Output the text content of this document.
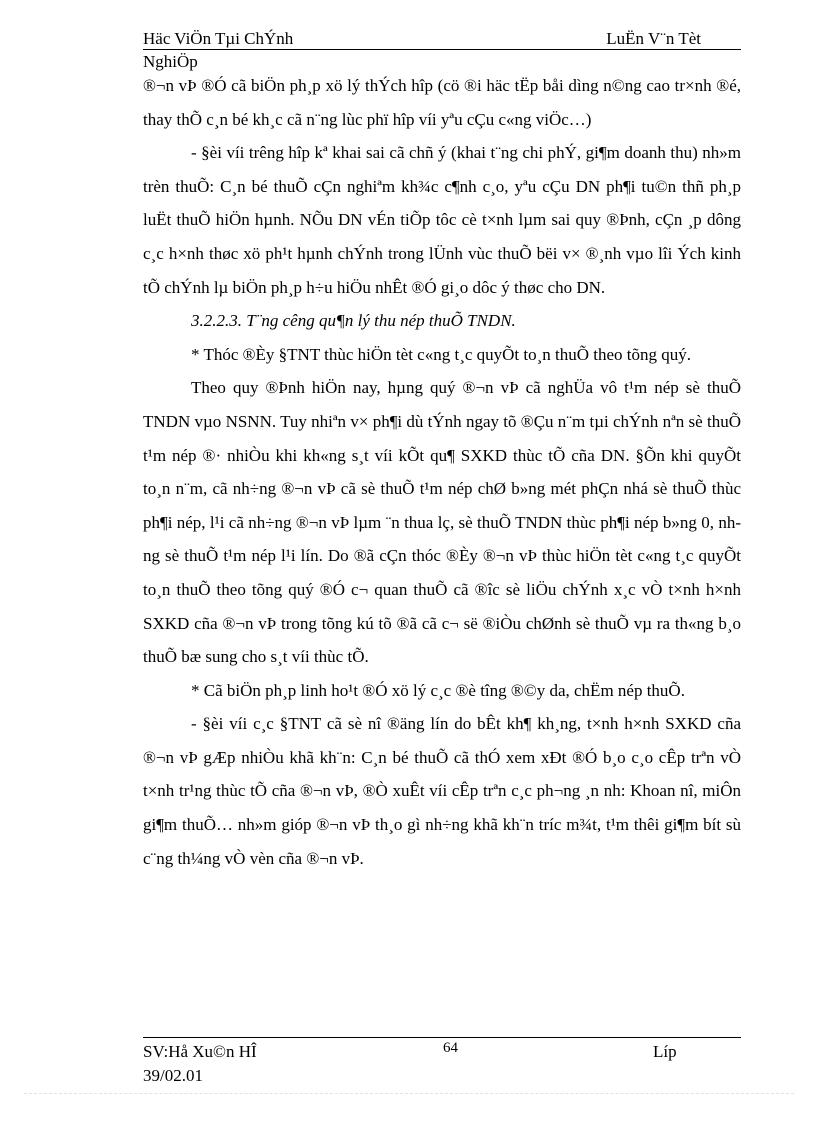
Häc ViÖn Tµi ChÝnh	LuËn V¨n Tèt
NghiÖp

®¬n vÞ ®Ó cã biÖn ph¸p xö lý thÝch hîp (cö ®i häc tËp båi dìng n©ng cao tr×nh ®é, thay thÕ c¸n bé kh¸c cã n¨ng lùc phï hîp víi yªu cÇu c«ng viÖc…)

- §èi víi trêng hîp kª khai sai cã chñ ý (khai t¨ng chi phÝ, gi¶m doanh thu) nh»m trèn thuÕ: C¸n bé thuÕ cÇn nghiªm kh¾c c¶nh c¸o, yªu cÇu DN ph¶i tu©n thñ ph¸p luËt thuÕ hiÖn hµnh. NÕu DN vÉn tiÕp tôc cè t×nh lµm sai quy ®Þnh, cÇn ¸p dông c¸c h×nh thøc xö ph¹t hµnh chÝnh trong lÜnh vùc thuÕ bëi v× ®¸nh vµo lîi Ých kinh tÕ chÝnh lµ biÖn ph¸p h÷u hiÖu nhÊt ®Ó gi¸o dôc ý thøc cho DN.

3.2.2.3. T¨ng cêng qu¶n lý thu nép thuÕ TNDN.

* Thóc ®Èy §TNT thùc hiÖn tèt c«ng t¸c quyÕt to¸n thuÕ theo tõng quý.

Theo quy ®Þnh hiÖn nay, hµng quý ®¬n vÞ cã nghÜa vô t¹m nép sè thuÕ TNDN vµo NSNN. Tuy nhiªn v× ph¶i dù tÝnh ngay tõ ®Çu n¨m tµi chÝnh nªn sè thuÕ t¹m nép ®· nhiÒu khi kh«ng s¸t víi kÕt qu¶ SXKD thùc tÕ cña DN. §Õn khi quyÕt to¸n n¨m, cã nh÷ng ®¬n vÞ cã sè thuÕ t¹m nép chØ b»ng mét phÇn nhá sè thuÕ thùc ph¶i nép, l¹i cã nh÷ng ®¬n vÞ lµm ¨n thua lç, sè thuÕ TNDN thùc ph¶i nép b»ng 0, nhng sè thuÕ t¹m nép l¹i lín. Do ®ã cÇn thóc ®Èy ®¬n vÞ thùc hiÖn tèt c«ng t¸c quyÕt to¸n thuÕ theo tõng quý ®Ó c¬ quan thuÕ cã ®îc sè liÖu chÝnh x¸c vÒ t×nh h×nh SXKD cña ®¬n vÞ trong tõng kú tõ ®ã cã c¬ së ®iÒu chØnh sè thuÕ vµ ra th«ng b¸o thuÕ bæ sung cho s¸t víi thùc tÕ.

* Cã biÖn ph¸p linh ho¹t ®Ó xö lý c¸c ®è tîng ®©y da, chËm nép thuÕ.

- §èi víi c¸c §TNT cã sè nî ®äng lín do bÊt kh¶ kh¸ng, t×nh h×nh SXKD cña ®¬n vÞ gÆp nhiÒu khã kh¨n: C¸n bé thuÕ cã thÓ xem xÐt ®Ó b¸o c¸o cÊp trªn vÒ t×nh tr¹ng thùc tÕ cña ®¬n vÞ, ®Ò xuÊt víi cÊp trªn c¸c ph¬ng ¸n nh: Khoan nî, miÔn gi¶m thuÕ… nh»m gióp ®¬n vÞ th¸o gì nh÷ng khã kh¨n tríc m¾t, t¹m thêi gi¶m bít sù c¨ng th¼ng vÒ vèn cña ®¬n vÞ.

SV:Hå Xu©n HÎ
39/02.01
64	Líp
